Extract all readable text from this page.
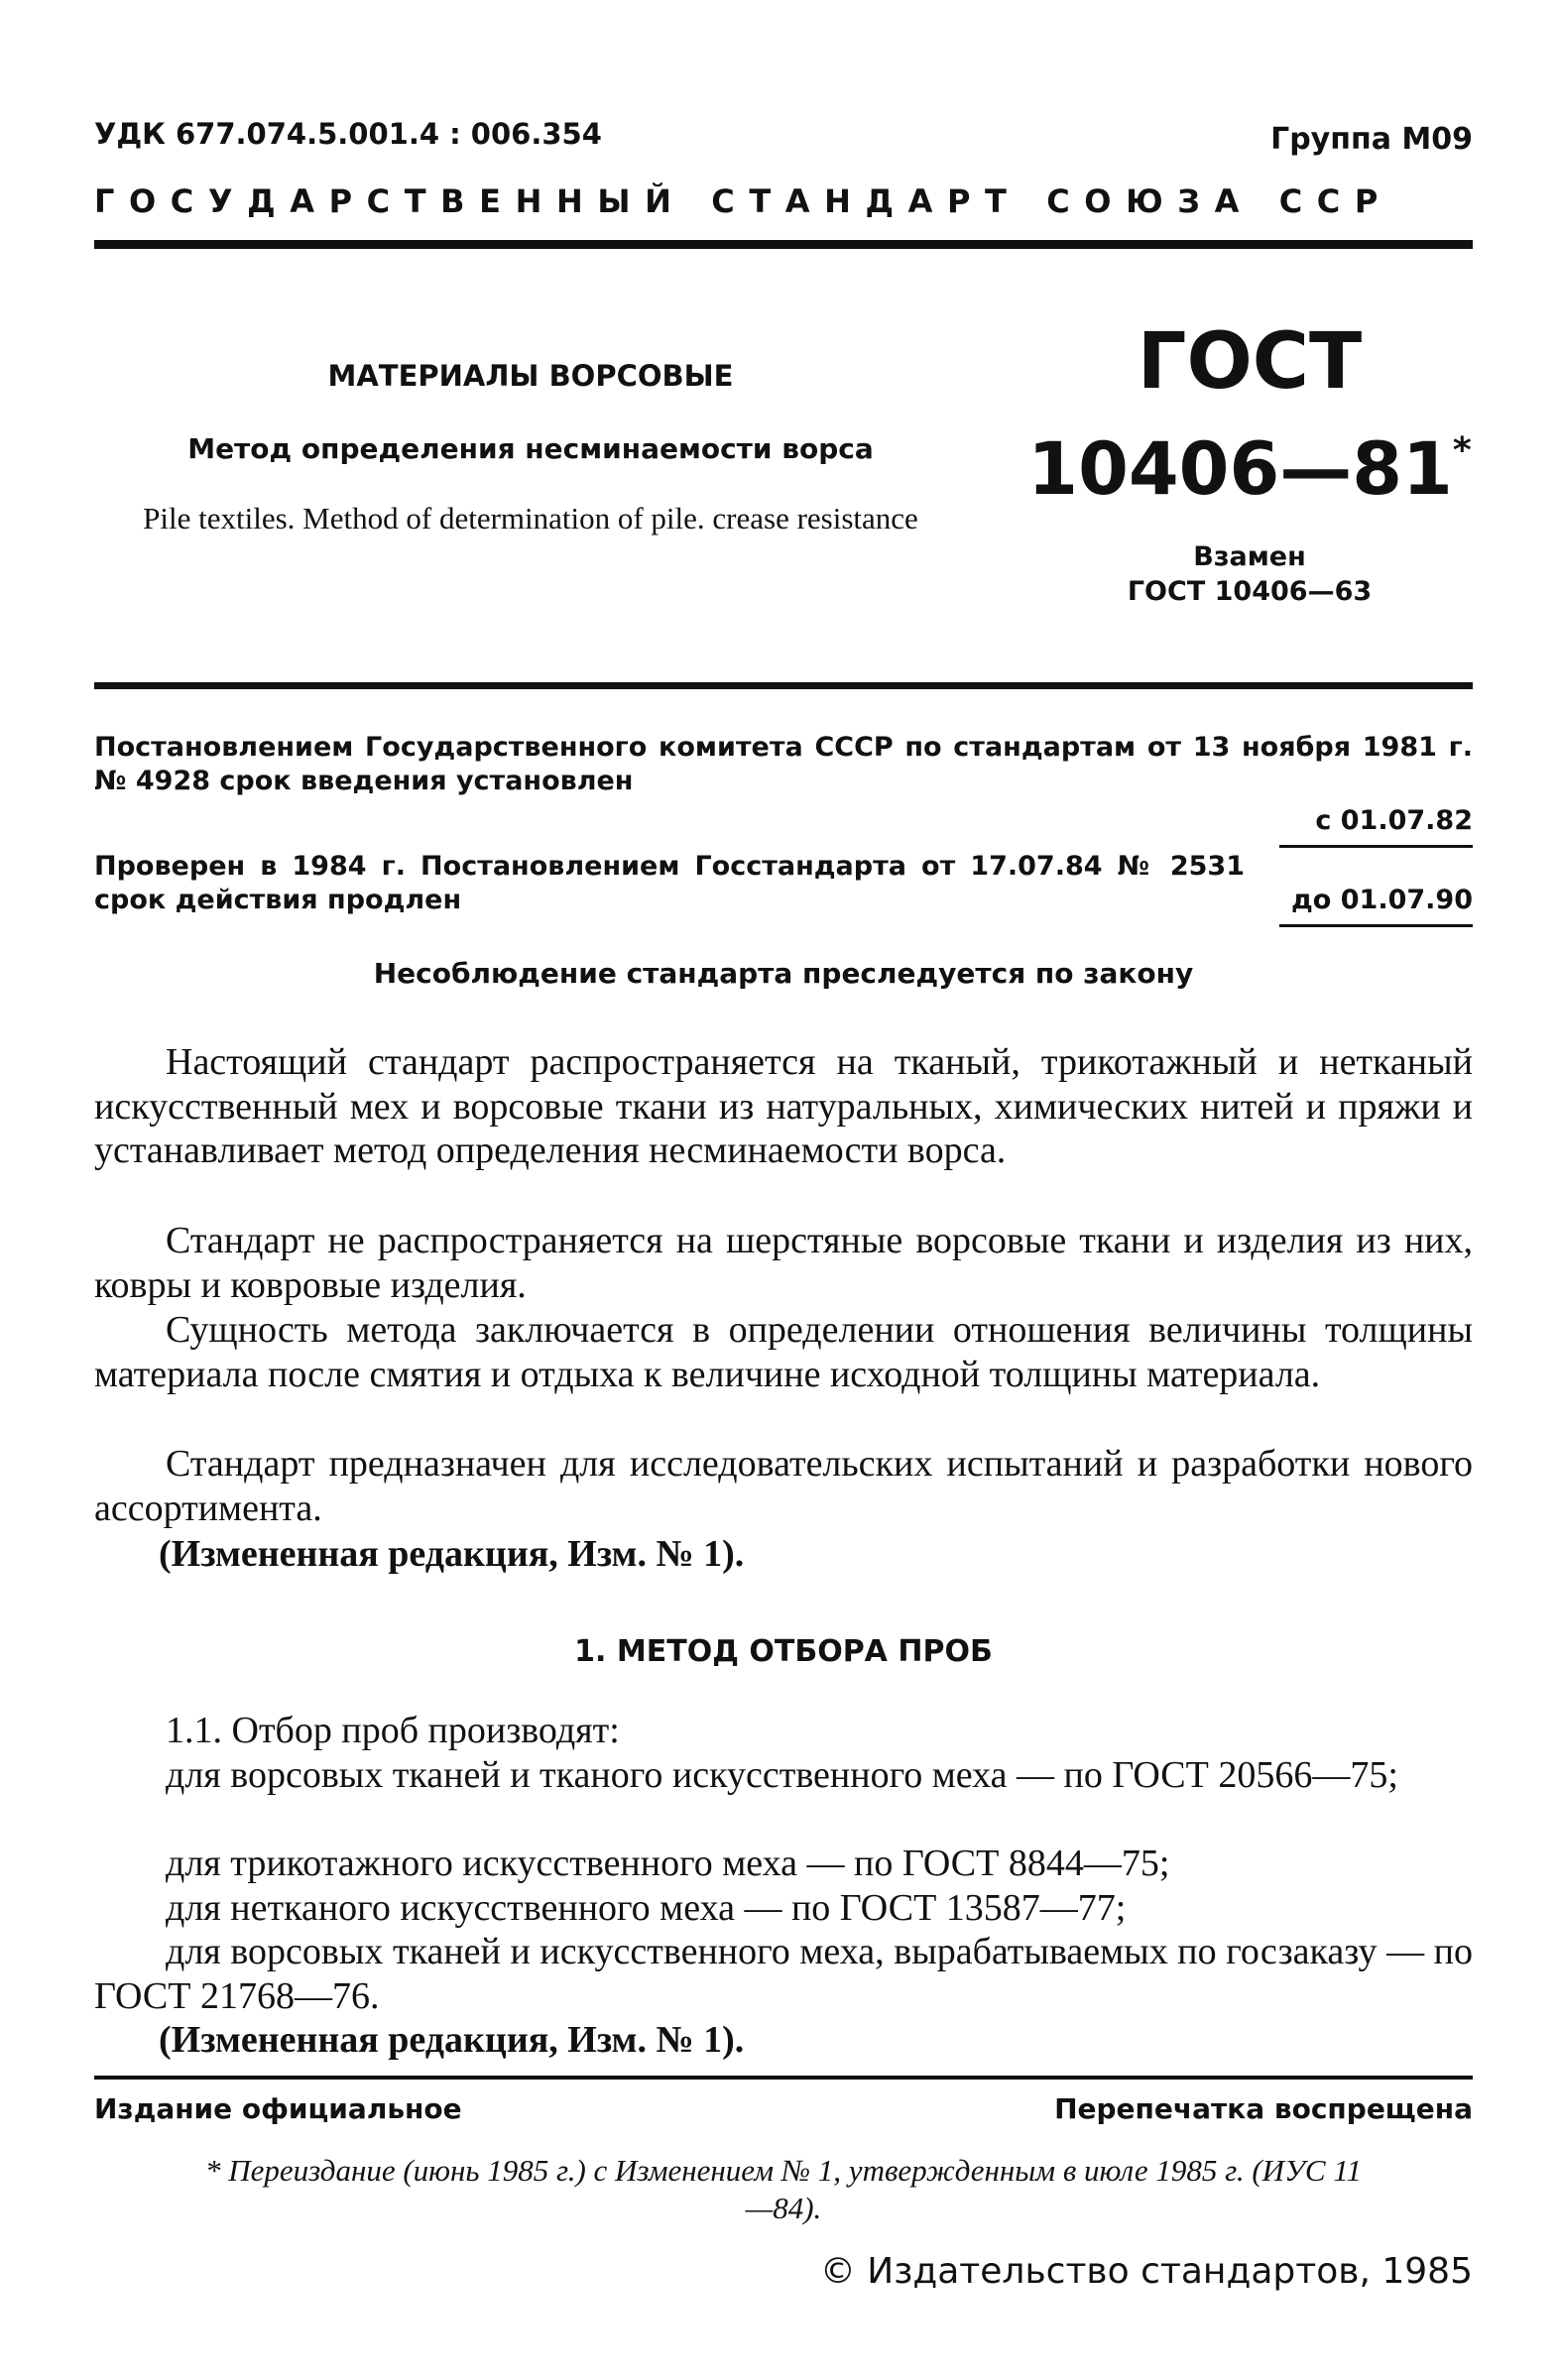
УДК 677.074.5.001.4 : 006.354	Группа М09
ГОСУДАРСТВЕННЫЙ СТАНДАРТ СОЮЗА ССР
МАТЕРИАЛЫ ВОРСОВЫЕ
Метод определения несминаемости ворса
Pile textiles. Method of determination of pile. crease resistance
ГОСТ
10406—81*
Взамен
ГОСТ 10406—63
Постановлением Государственного комитета СССР по стандартам от 13 ноября 1981 г. № 4928 срок введения установлен
с 01.07.82
Проверен в 1984 г. Постановлением Госстандарта от 17.07.84 № 2531 срок действия продлен	до 01.07.90
Несоблюдение стандарта преследуется по закону

Настоящий стандарт распространяется на тканый, трикотажный и нетканый искусственный мех и ворсовые ткани из натуральных, химических нитей и пряжи и устанавливает метод определения несминаемости ворса.

Стандарт не распространяется на шерстяные ворсовые ткани и изделия из них, ковры и ковровые изделия.

Сущность метода заключается в определении отношения величины толщины материала после смятия и отдыха к величине исходной толщины материала.

Стандарт предназначен для исследовательских испытаний и разработки нового ассортимента.

(Измененная редакция, Изм. № 1).
1. МЕТОД ОТБОРА ПРОБ

1.1. Отбор проб производят:

для ворсовых тканей и тканого искусственного меха — по ГОСТ 20566—75;

для трикотажного искусственного меха — по ГОСТ 8844—75;

для нетканого искусственного меха — по ГОСТ 13587—77;

для ворсовых тканей и искусственного меха, вырабатываемых по госзаказу — по ГОСТ 21768—76.

(Измененная редакция, Изм. № 1).
Издание официальное	Перепечатка воспрещена
* Переиздание (июнь 1985 г.) с Изменением № 1, утвержденным в июле 1985 г. (ИУС 11—84).
© Издательство стандартов, 1985
